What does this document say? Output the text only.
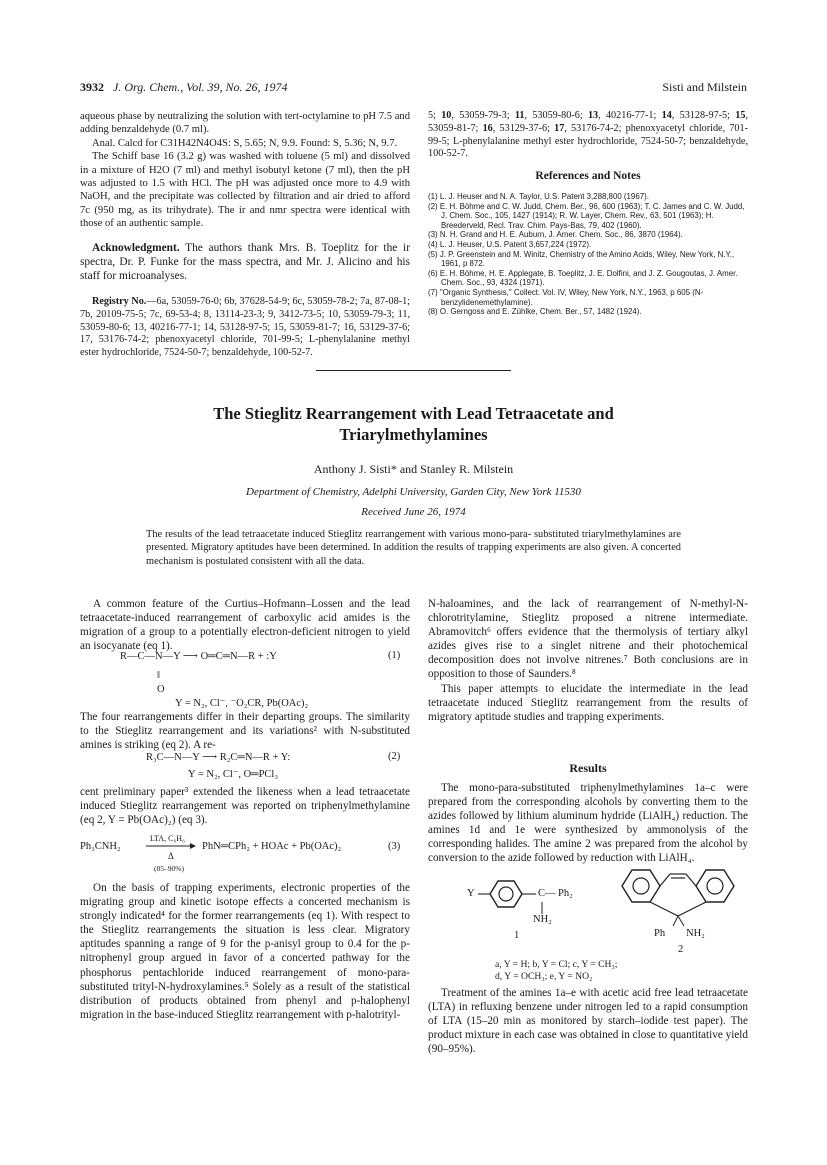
3932 J. Org. Chem., Vol. 39, No. 26, 1974	Sisti and Milstein

aqueous phase by neutralizing the solution with tert-octylamine to pH 7.5 and adding benzaldehyde (0.7 ml).

Anal. Calcd for C31H42N4O4S: S, 5.65; N, 9.9. Found: S, 5.36; N, 9.7.

The Schiff base 16 (3.2 g) was washed with toluene (5 ml) and dissolved in a mixture of H2O (7 ml) and methyl isobutyl ketone (7 ml), then the pH was adjusted to 1.5 with HCl. The pH was adjusted once more to 4.9 with NaOH, and the precipitate was collected by filtration and air dried to afford 7c (950 mg, as its trihydrate). The ir and nmr spectra were identical with those of an authentic sample.

Acknowledgment. The authors thank Mrs. B. Toeplitz for the ir spectra, Dr. P. Funke for the mass spectra, and Mr. J. Alicino and his staff for microanalyses.

Registry No.—6a, 53059-76-0; 6b, 37628-54-9; 6c, 53059-78-2; 7a, 87-08-1; 7b, 20109-75-5; 7c, 69-53-4; 8, 13114-23-3; 9, 3412-73-5; 10, 53059-79-3; 11, 53059-80-6; 13, 40216-77-1; 14, 53128-97-5; 15, 53059-81-7; 16, 53129-37-6; 17, 53176-74-2; phenoxyacetyl chloride, 701-99-5; L-phenylalanine methyl ester hydrochloride, 7524-50-7; benzaldehyde, 100-52-7.

5; 10, 53059-79-3; 11, 53059-80-6; 13, 40216-77-1; 14, 53128-97-5; 15, 53059-81-7; 16, 53129-37-6; 17, 53176-74-2; phenoxyacetyl chloride, 701-99-5; L-phenylalanine methyl ester hydrochloride, 7524-50-7; benzaldehyde, 100-52-7.

References and Notes
(1) L. J. Heuser and N. A. Taylor, U.S. Patent 3,288,800 (1967).
(2) E. H. Böhme and C. W. Judd, Chem. Ber., 96, 600 (1963); T. C. James and C. W. Judd, J. Chem. Soc., 105, 1427 (1914); R. W. Layer, Chem. Rev., 63, 501 (1963); H. Breederveld, Recl. Trav. Chim. Pays-Bas, 79, 402 (1960).
(3) N. H. Grand and H. E. Auburn, J. Amer. Chem. Soc., 86, 3870 (1964).
(4) L. J. Heuser, U.S. Patent 3,657,224 (1972).
(5) J. P. Greenstein and M. Winitz, Chemistry of the Amino Acids, Wiley, New York, N.Y., 1961, p 872.
(6) E. H. Böhme, H. E. Applegate, B. Toeplitz, J. E. Dolfini, and J. Z. Gougoutas, J. Amer. Chem. Soc., 93, 4324 (1971).
(7) "Organic Synthesis," Collect. Vol. IV, Wiley, New York, N.Y., 1963, p 605 (N-benzylidenemethylamine).
(8) O. Gerngoss and E. Zühlke, Chem. Ber., 57, 1482 (1924).
The Stieglitz Rearrangement with Lead Tetraacetate and
Triarylmethylamines
Anthony J. Sisti* and Stanley R. Milstein
Department of Chemistry, Adelphi University, Garden City, New York 11530
Received June 26, 1974
The results of the lead tetraacetate induced Stieglitz rearrangement with various mono-para- substituted triarylmethylamines are presented. Migratory aptitudes have been determined. In addition the results of trapping experiments are also given. A concerted mechanism is postulated consistent with all the data.

A common feature of the Curtius–Hofmann–Lossen and the lead tetraacetate-induced rearrangement of carboxylic acid amides is the migration of a group to a potentially electron-deficient nitrogen to yield an isocyanate (eq 1).

R—C—N—Y ⟶ O═C═N—R + :Y
‖
O
(1)
Y = N₂, Cl⁻, ⁻O₂CR, Pb(OAc)₂

The four rearrangements differ in their departing groups. The similarity to the Stieglitz rearrangement and its variations² with N-substituted amines is striking (eq 2). A re-

R₃C—N—Y ⟶ R₂C═N—R + Y:	(2)
Y = N₂, Cl⁻, O═PCl₃

cent preliminary paper³ extended the likeness when a lead tetraacetate induced Stieglitz rearrangement was reported on triphenylmethylamine (eq 2, Y = Pb(OAc)₂) (eq 3).

Ph₃CNH₂
LTA, C₆H₆
Δ
(85–90%)
PhN═CPh₂ + HOAc + Pb(OAc)₂	(3)

On the basis of trapping experiments, electronic properties of the migrating group and kinetic isotope effects a concerted mechanism is strongly indicated⁴ for the former rearrangements (eq 1). With respect to the Stieglitz rearrangements the situation is less clear. Migratory aptitudes spanning a range of 9 for the p-anisyl group to 0.4 for the p-nitrophenyl group argued in favor of a concerted pathway for the phosphorus pentachloride induced rearrangement of mono-para-substituted trityl-N-hydroxylamines.⁵ Solely as a result of the statistical distribution of products obtained from phenyl and p-halophenyl migration in the base-induced Stieglitz rearrangement with p-halotrityl-

N-haloamines, and the lack of rearrangement of N-methyl-N-chlorotritylamine, Stieglitz proposed a nitrene intermediate. Abramovitch⁶ offers evidence that the thermolysis of tertiary alkyl azides gives rise to a singlet nitrene and their photochemical decomposition does not involve nitrenes.⁷ Both conclusions are in opposition to those of Saunders.⁸

This paper attempts to elucidate the intermediate in the lead tetraacetate induced Stieglitz rearrangement from the results of migratory aptitude studies and trapping experiments.

Results

The mono-para-substituted triphenylmethylamines 1a–c were prepared from the corresponding alcohols by converting them to the azides followed by lithium aluminum hydride (LiAlH₄) reduction. The amines 1d and 1e were synthesized by ammonolysis of the corresponding halides. The amine 2 was prepared from the alcohol by conversion to the azide followed by reduction with LiAlH₄.

Y	C — Ph₂
NH₂
1	Ph NH₂
2
a, Y = H; b, Y = Cl; c, Y = CH₃;
d, Y = OCH₃; e, Y = NO₂

Treatment of the amines 1a–e with acetic acid free lead tetraacetate (LTA) in refluxing benzene under nitrogen led to a rapid consumption of LTA (15–20 min as monitored by starch–iodide test paper). The product mixture in each case was obtained in close to quantitative yield (90–95%).
